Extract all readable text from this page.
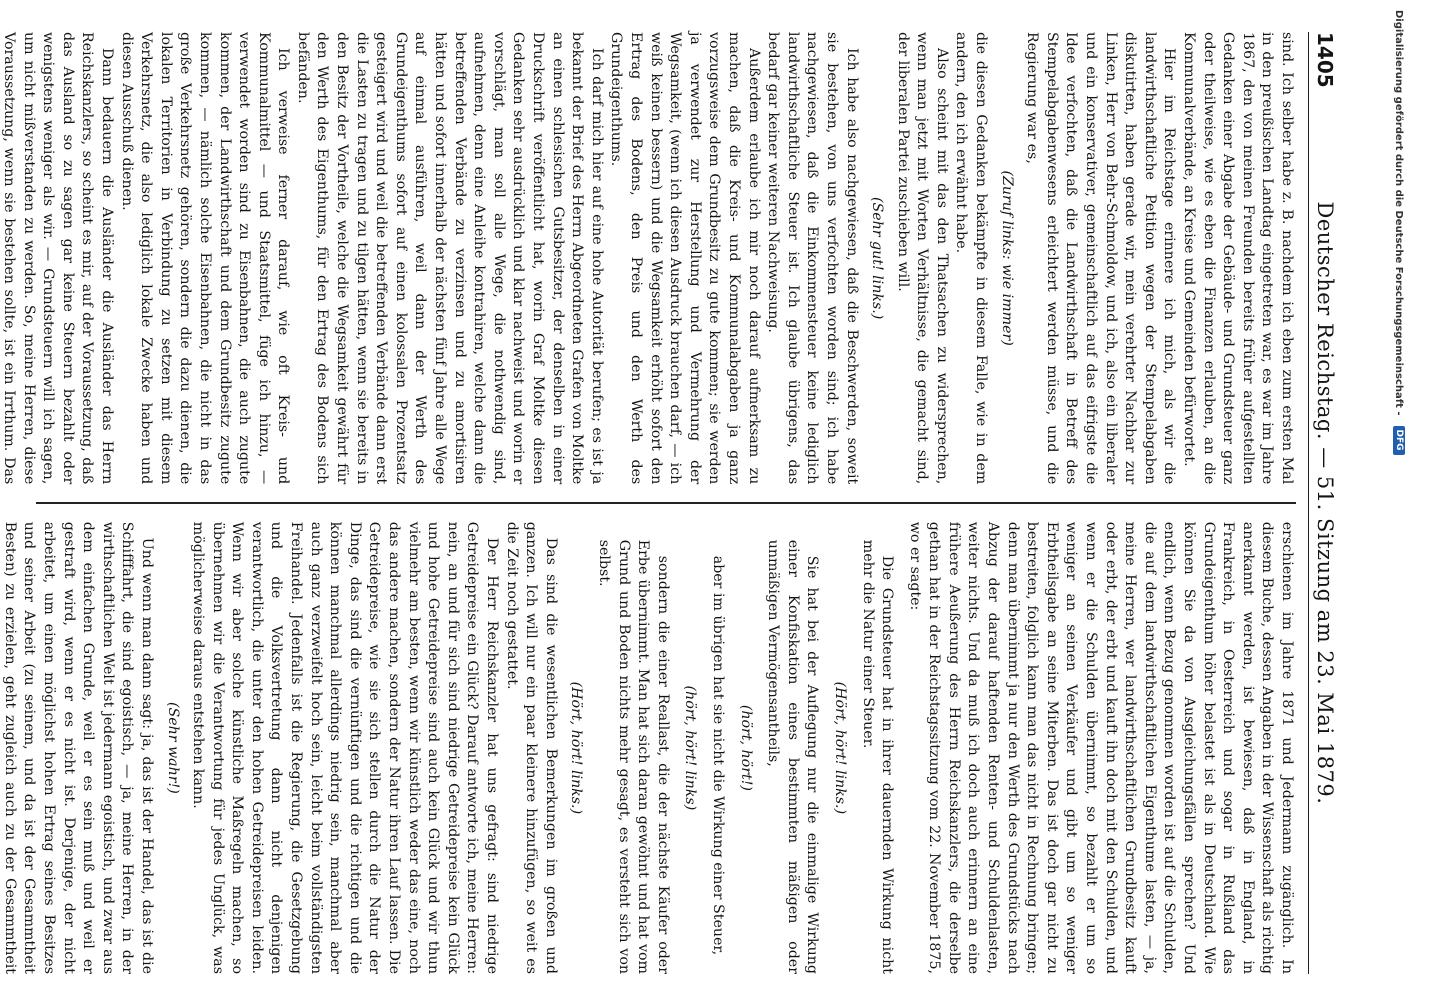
1405
Deutscher Reichstag. — 51. Sitzung am 23. Mai 1879.

sind. Ich selber habe z. B. nachdem ich eben zum ersten Mal in den preußischen Landtag eingetreten war, es war im Jahre 1867, den von meinen Freunden bereits früher aufgestellten Gedanken einer Abgabe der Gebäude- und Grundsteuer ganz oder theilweise, wie es eben die Finanzen erlauben, an die Kommunalverbände, an Kreise und Gemeinden befürwortet.

Hier im Reichstage erinnere ich mich, als wir die landwirthschaftliche Petition wegen der Stempelabgaben diskutirten, haben gerade wir, mein verehrter Nachbar zur Linken, Herr von Behr-Schmoldow, und ich, also ein liberaler und ein konservativer, gemeinschaftlich auf das eifrigste die Idee verfochten, daß die Landwirthschaft in Betreff des Stempelabgabenwesens erleichtert werden müsse, und die Regierung war es,

(Zuruf links: wie immer)

die diesen Gedanken bekämpfte in diesem Falle, wie in dem andern, den ich erwähnt habe.

Also scheint mit das den Thatsachen zu widersprechen, wenn man jetzt mit Worten Verhältnisse, die gemacht sind, der liberalen Partei zuschieben will.

(Sehr gut! links.)

Ich habe also nachgewiesen, daß die Beschwerden, soweit sie bestehen, von uns verfochten worden sind; ich habe nachgewiesen, daß die Einkommensteuer keine lediglich landwirthschaftliche Steuer ist. Ich glaube übrigens, das bedarf gar keiner weiteren Nachweisung.

Außerdem erlaube ich mir noch darauf aufmerksam zu machen, daß die Kreis- und Kommunalabgaben ja ganz vorzugsweise dem Grundbesitz zu gute kommen; sie werden ja verwendet zur Herstellung und Vermehrung der Wegsamkeit, (wenn ich diesen Ausdruck brauchen darf, — ich weiß keinen bessern) und die Wegsamkeit erhöht sofort den Ertrag des Bodens, den Preis und den Werth des Grundeigenthums.

Ich darf mich hier auf eine hohe Autorität berufen; es ist ja bekannt der Brief des Herrn Abgeordneten Grafen von Moltke an einen schlesischen Gutsbesitzer, der denselben in einer Druckschrift veröffentlicht hat, worin Graf Moltke diesen Gedanken sehr ausdrücklich und klar nachweist und worin er vorschlägt, man soll alle Wege, die nothwendig sind, aufnehmen, denn eine Anleihe kontrahiren, welche dann die betreffenden Verbände zu verzinsen und zu amortisiren hätten und sofort innerhalb der nächsten fünf Jahre alle Wege auf einmal ausführen, weil dann der Werth des Grundeigenthums sofort auf einen kolossalen Prozentsatz gesteigert wird und weil die betreffenden Verbände dann erst die Lasten zu tragen und zu tilgen hätten, wenn sie bereits in den Besitz der Vortheile, welche die Wegsamkeit gewährt für den Werth des Eigenthums, für den Ertrag des Bodens sich befänden.

Ich verweise ferner darauf, wie oft Kreis- und Kommunalmittel — und Staatsmittel, füge ich hinzu, — verwendet worden sind zu Eisenbahnen, die auch zugute kommen, der Landwirthschaft und dem Grundbesitz zugute kommen, — nämlich solche Eisenbahnen, die nicht in das große Verkehrsnetz gehören, sondern die dazu dienen, die lokalen Territorien in Verbindung zu setzen mit diesem Verkehrsnetz, die also lediglich lokale Zwecke haben und diesen Ausschuß dienen.

Dann bedauern die Ausländer die Ausländer das Herrn Reichskanzlers, so scheint es mir, auf der Voraussetzung, daß das Ausland so zu sagen gar keine Steuern bezahlt oder wenigstens weniger als wir. — Grundsteuern will ich sagen, um nicht mißverstanden zu werden. So, meine Herren, diese Voraussetzung, wenn sie bestehen sollte, ist ein Irrthum. Das

erschienen im Jahre 1871 und Jedermann zugänglich. In diesem Buche, dessen Angaben in der Wissenschaft als richtig anerkannt werden, ist bewiesen, daß in England, in Frankreich, in Oesterreich und sogar in Rußland das Grundeigenthum höher belastet ist als in Deutschland. Wie können Sie da von Ausgleichungsfällen sprechen? Und endlich, wenn Bezug genommen worden ist auf die Schulden, die auf dem landwirthschaftlichen Eigenthume lasten, — ja, meine Herren, wer landwirthschaftlichen Grundbesitz kauft oder erbt, der erbt und kauft ihn doch mit den Schulden, und wenn er die Schulden übernimmt, so bezahlt er um so weniger an seinen Verkäufer und gibt um so weniger Erbtheilsgabe an seine Miterben. Das ist doch gar nicht zu bestreiten, folglich kann man das nicht in Rechnung bringen; denn man übernimmt ja nur den Werth des Grundstücks nach Abzug der darauf haftenden Renten- und Schuldenlasten, weiter nichts. Und da muß ich doch auch erinnern an eine frühere Aeußerung des Herrn Reichskanzlers, die derselbe gethan hat in der Reichstagssitzung vom 22. November 1875, wo er sagte:

Die Grundsteuer hat in ihrer dauernden Wirkung nicht mehr die Natur einer Steuer.

(Hört, hört! links.)

Sie hat bei der Auflegung nur die einmalige Wirkung einer Konfiskation eines bestimmten mäßigen oder unmäßigen Vermögensantheils,

(hört, hört!)

aber im übrigen hat sie nicht die Wirkung einer Steuer,

(hört, hört! links)

sondern die einer Reallast, die der nächste Käufer oder Erbe übernimmt. Man hat sich daran gewöhnt und hat vom Grund und Boden nichts mehr gesagt, es versteht sich von selbst.

(Hört, hört! links.)

Das sind die wesentlichen Bemerkungen im großen und ganzen. Ich will nur ein paar kleinere hinzufügen, so weit es die Zeit noch gestattet.

Der Herr Reichskanzler hat uns gefragt: sind niedrige Getreidepreise ein Glück? Darauf antworte ich, meine Herren: nein, an und für sich sind niedrige Getreidepreise kein Glück und hohe Getreidepreise sind auch kein Glück und wir thun vielmehr am besten, wenn wir künstlich weder das eine, noch das andere machen, sondern der Natur ihren Lauf lassen. Die Getreidepreise, wie sie sich stellen durch die Natur der Dinge, das sind die vernünftigen und die richtigen und die können manchmal allerdings niedrig sein, manchmal aber auch ganz verzweifelt hoch sein, leicht beim vollständigsten Freihandel. Jedenfalls ist die Regierung, die Gesetzgebung und die Volksvertretung dann nicht denjenigen verantwortlich, die unter den hohen Getreidepreisen leiden. Wenn wir aber solche künstliche Maßregeln machen, so übernehmen wir die Verantwortung für jedes Unglück, was möglicherweise daraus entstehen kann.

(Sehr wahr!)

Und wenn man dann sagt: ja, das ist der Handel, das ist die Schifffahrt, die sind egoistisch, — ja, meine Herren, in der wirthschaftlichen Welt ist jedermann egoistisch, und zwar aus dem einfachen Grunde, weil er es sein muß und weil er gestraft wird, wenn er es nicht ist. Derjenige, der nicht arbeitet, um einen möglichst hohen Ertrag seines Besitzes und seiner Arbeit (zu seinem, und da ist der Gesammtheit Besten) zu erzielen, geht zugleich auch zu der Gesammtheit

Digitalisierung gefördert durch die Deutsche Forschungsgemeinschaft -
DFG
